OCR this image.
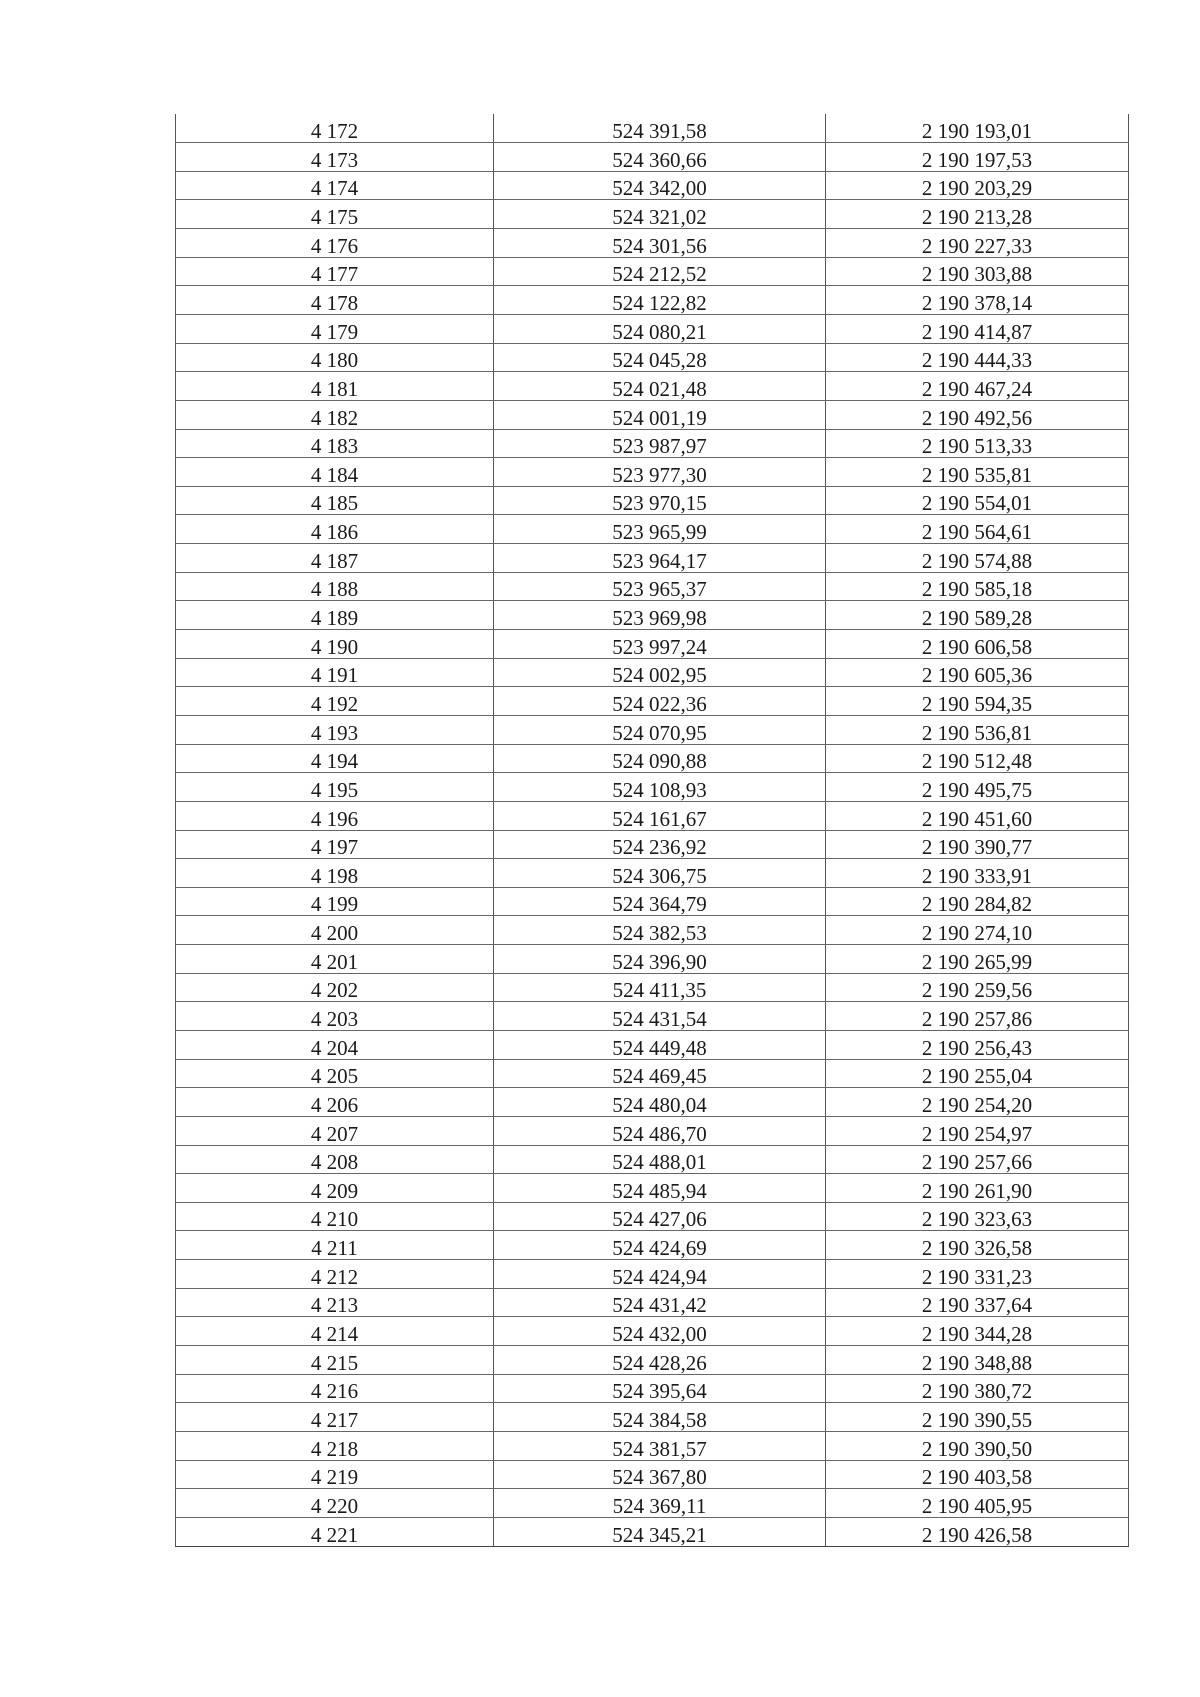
4 172	524 391,58	2 190 193,01
4 173	524 360,66	2 190 197,53
4 174	524 342,00	2 190 203,29
4 175	524 321,02	2 190 213,28
4 176	524 301,56	2 190 227,33
4 177	524 212,52	2 190 303,88
4 178	524 122,82	2 190 378,14
4 179	524 080,21	2 190 414,87
4 180	524 045,28	2 190 444,33
4 181	524 021,48	2 190 467,24
4 182	524 001,19	2 190 492,56
4 183	523 987,97	2 190 513,33
4 184	523 977,30	2 190 535,81
4 185	523 970,15	2 190 554,01
4 186	523 965,99	2 190 564,61
4 187	523 964,17	2 190 574,88
4 188	523 965,37	2 190 585,18
4 189	523 969,98	2 190 589,28
4 190	523 997,24	2 190 606,58
4 191	524 002,95	2 190 605,36
4 192	524 022,36	2 190 594,35
4 193	524 070,95	2 190 536,81
4 194	524 090,88	2 190 512,48
4 195	524 108,93	2 190 495,75
4 196	524 161,67	2 190 451,60
4 197	524 236,92	2 190 390,77
4 198	524 306,75	2 190 333,91
4 199	524 364,79	2 190 284,82
4 200	524 382,53	2 190 274,10
4 201	524 396,90	2 190 265,99
4 202	524 411,35	2 190 259,56
4 203	524 431,54	2 190 257,86
4 204	524 449,48	2 190 256,43
4 205	524 469,45	2 190 255,04
4 206	524 480,04	2 190 254,20
4 207	524 486,70	2 190 254,97
4 208	524 488,01	2 190 257,66
4 209	524 485,94	2 190 261,90
4 210	524 427,06	2 190 323,63
4 211	524 424,69	2 190 326,58
4 212	524 424,94	2 190 331,23
4 213	524 431,42	2 190 337,64
4 214	524 432,00	2 190 344,28
4 215	524 428,26	2 190 348,88
4 216	524 395,64	2 190 380,72
4 217	524 384,58	2 190 390,55
4 218	524 381,57	2 190 390,50
4 219	524 367,80	2 190 403,58
4 220	524 369,11	2 190 405,95
4 221	524 345,21	2 190 426,58
